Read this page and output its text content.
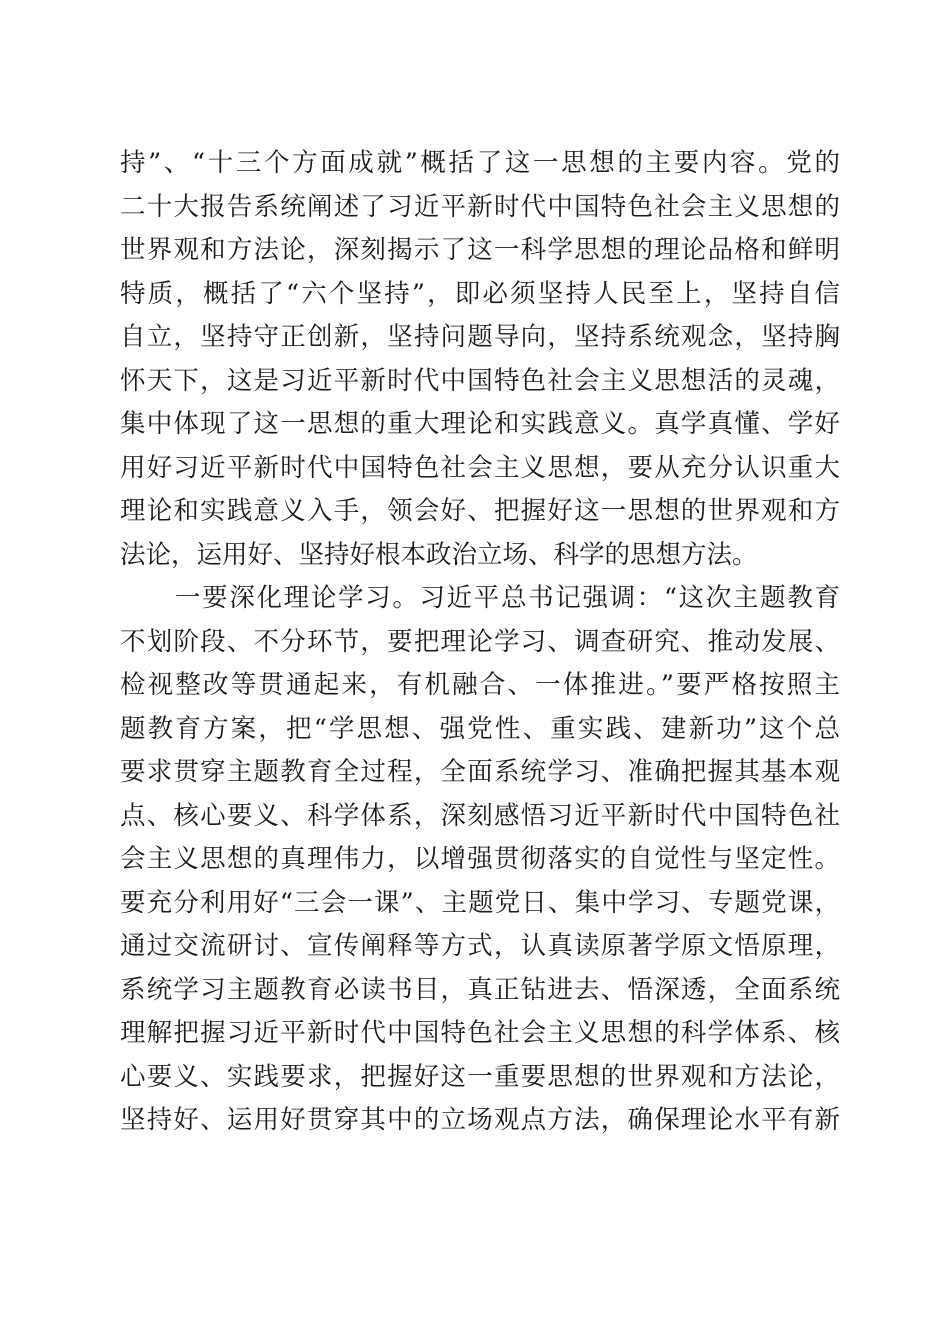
持”、“十三个方面成就”概括了这一思想的主要内容。党的
二十大报告系统阐述了习近平新时代中国特色社会主义思想的
世界观和方法论，深刻揭示了这一科学思想的理论品格和鲜明
特质，概括了“六个坚持”，即必须坚持人民至上，坚持自信
自立，坚持守正创新，坚持问题导向，坚持系统观念，坚持胸
怀天下，这是习近平新时代中国特色社会主义思想活的灵魂，
集中体现了这一思想的重大理论和实践意义。真学真懂、学好
用好习近平新时代中国特色社会主义思想，要从充分认识重大
理论和实践意义入手，领会好、把握好这一思想的世界观和方
法论，运用好、坚持好根本政治立场、科学的思想方法。
一要深化理论学习。习近平总书记强调：“这次主题教育
不划阶段、不分环节，要把理论学习、调查研究、推动发展、
检视整改等贯通起来，有机融合、一体推进。”要严格按照主
题教育方案，把“学思想、强党性、重实践、建新功”这个总
要求贯穿主题教育全过程，全面系统学习、准确把握其基本观
点、核心要义、科学体系，深刻感悟习近平新时代中国特色社
会主义思想的真理伟力，以增强贯彻落实的自觉性与坚定性。
要充分利用好“三会一课”、主题党日、集中学习、专题党课，
通过交流研讨、宣传阐释等方式，认真读原著学原文悟原理，
系统学习主题教育必读书目，真正钻进去、悟深透，全面系统
理解把握习近平新时代中国特色社会主义思想的科学体系、核
心要义、实践要求，把握好这一重要思想的世界观和方法论，
坚持好、运用好贯穿其中的立场观点方法，确保理论水平有新
